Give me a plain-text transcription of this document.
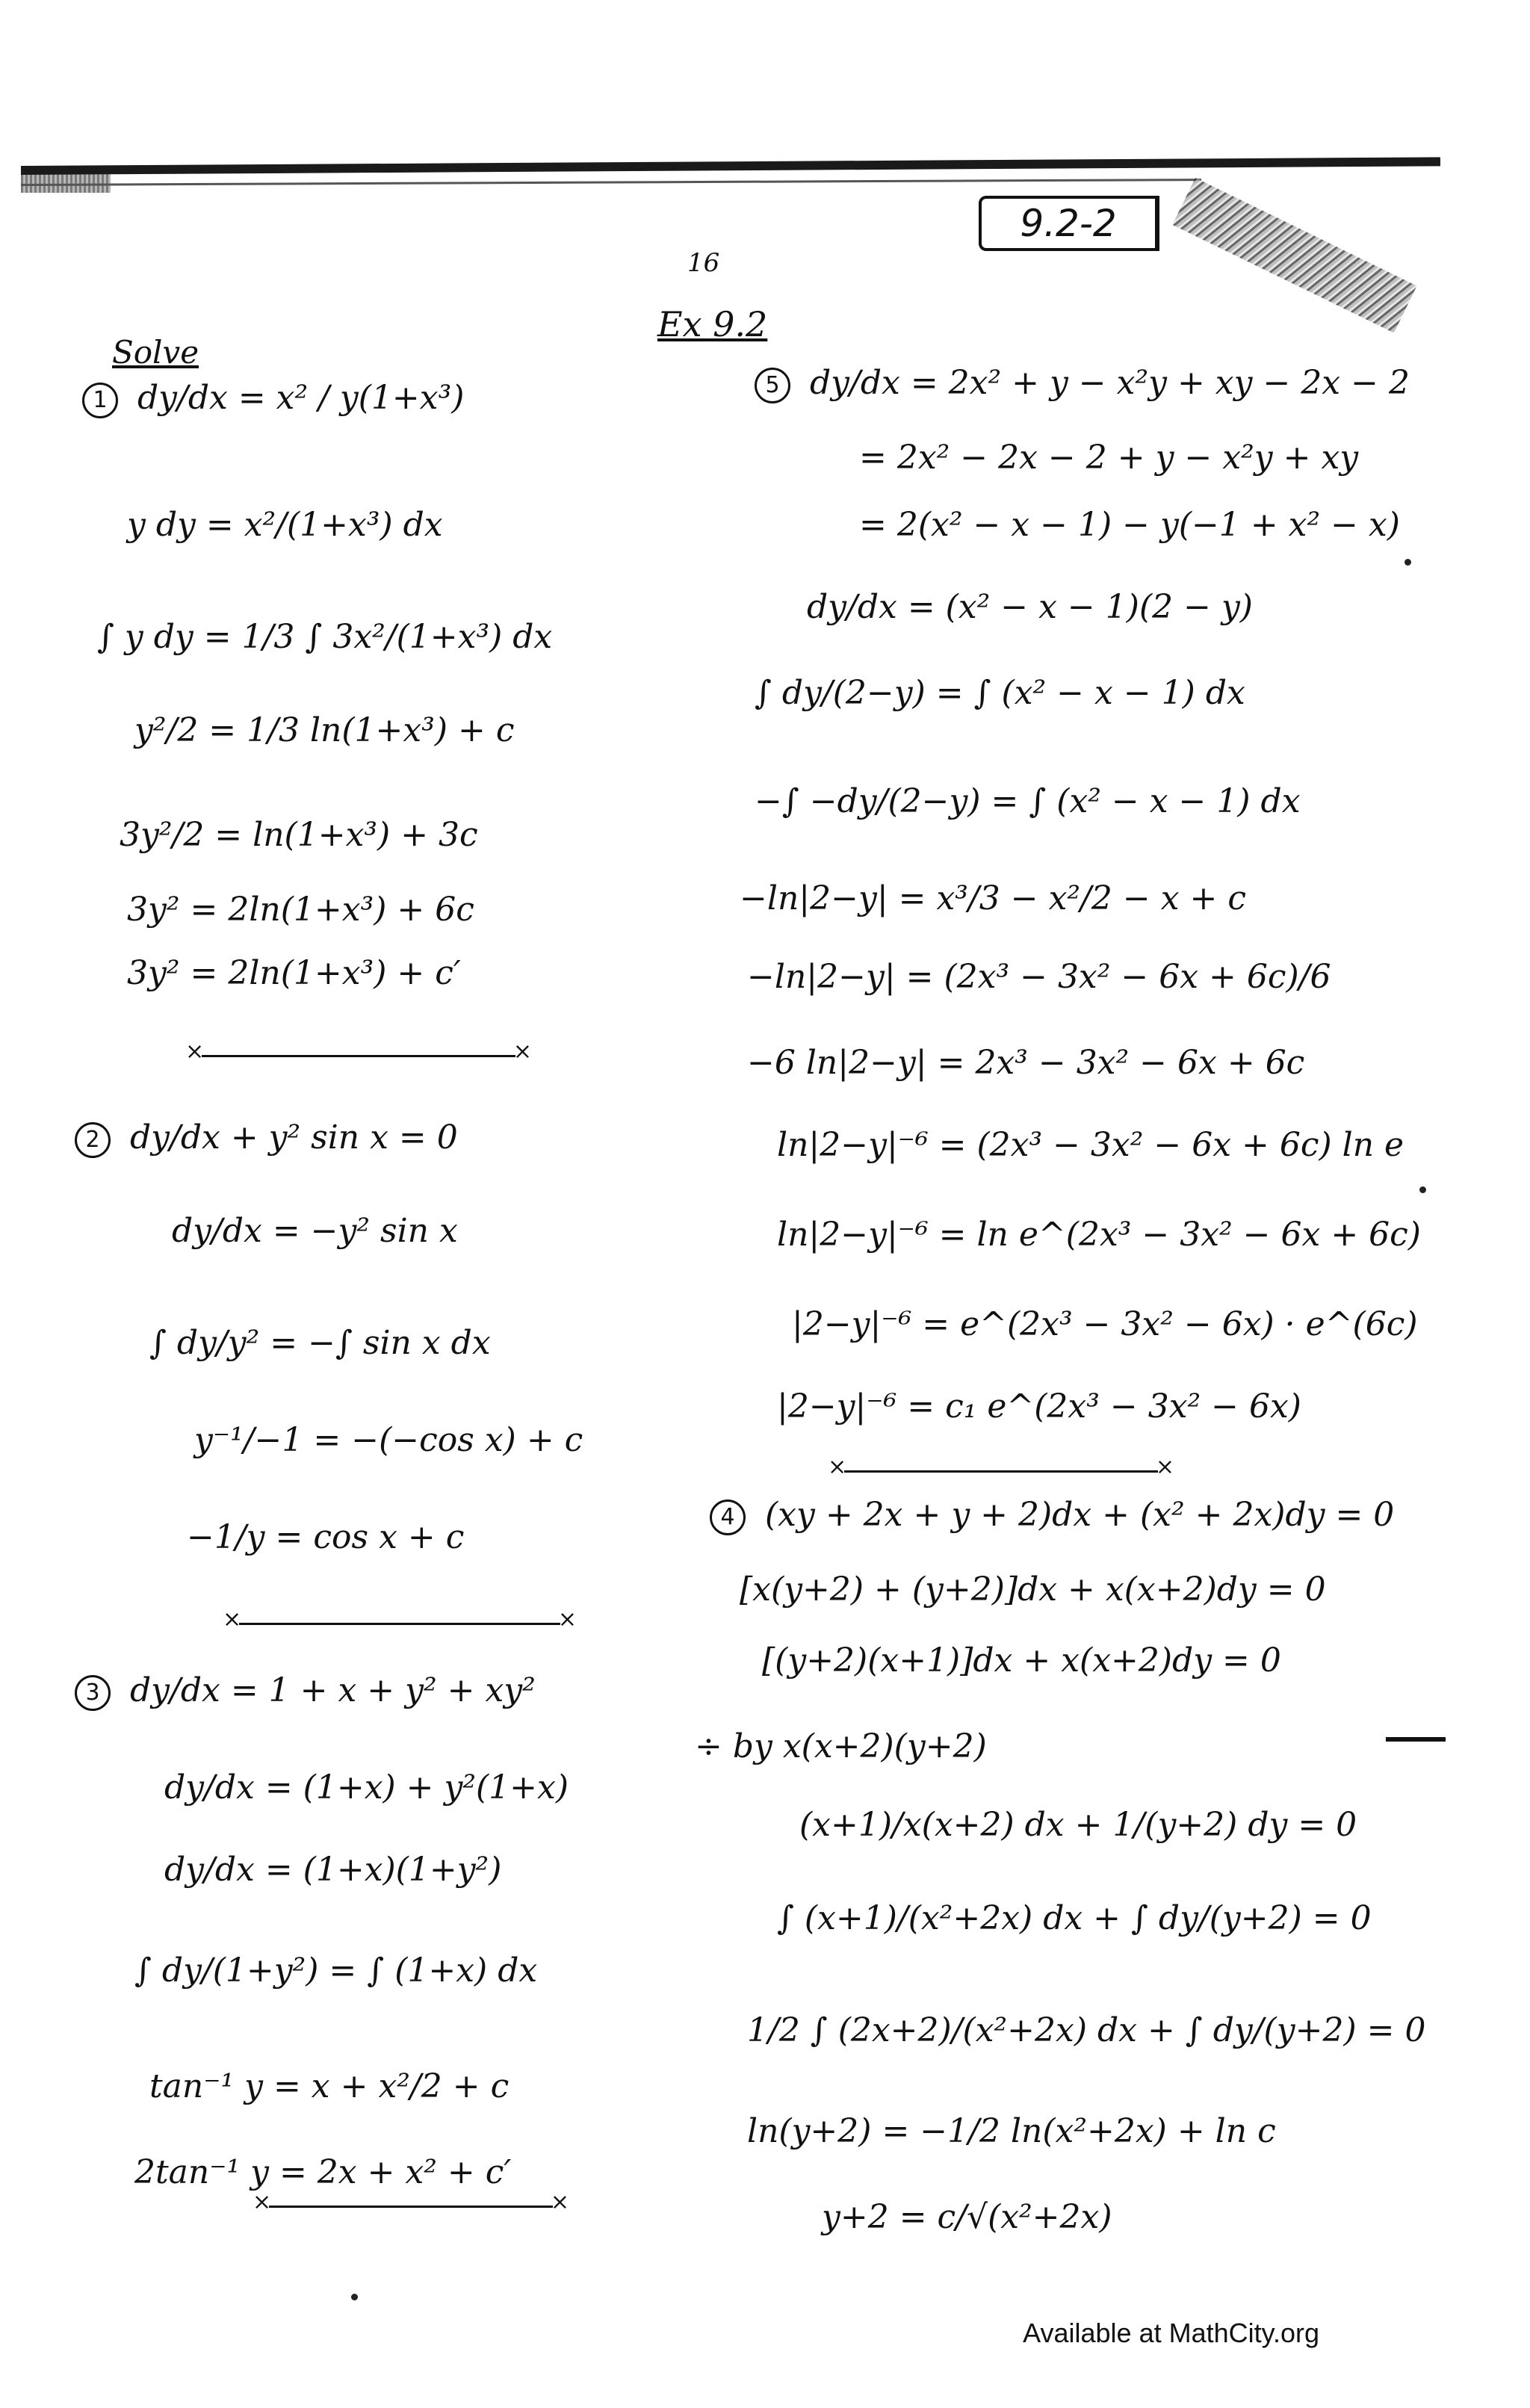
9.2-2
16
Ex 9.2
Solve
1 dy/dx = x² / y(1+x³)
y dy = x²/(1+x³) dx
∫ y dy = 1/3 ∫ 3x²/(1+x³) dx
y²/2 = 1/3 ln(1+x³) + c
3y²/2 = ln(1+x³) + 3c
3y² = 2ln(1+x³) + 6c
3y² = 2ln(1+x³) + c′
× ×
2 dy/dx + y² sin x = 0
dy/dx = −y² sin x
∫ dy/y² = −∫ sin x dx
y⁻¹/−1 = −(−cos x) + c
−1/y = cos x + c
× ×
3 dy/dx = 1 + x + y² + xy²
dy/dx = (1+x) + y²(1+x)
dy/dx = (1+x)(1+y²)
∫ dy/(1+y²) = ∫ (1+x) dx
tan⁻¹ y = x + x²/2 + c
2tan⁻¹ y = 2x + x² + c′
× ×
5 dy/dx = 2x² + y − x²y + xy − 2x − 2
= 2x² − 2x − 2 + y − x²y + xy
= 2(x² − x − 1) − y(−1 + x² − x)
dy/dx = (x² − x − 1)(2 − y)
∫ dy/(2−y) = ∫ (x² − x − 1) dx
−∫ −dy/(2−y) = ∫ (x² − x − 1) dx
−ln|2−y| = x³/3 − x²/2 − x + c
−ln|2−y| = (2x³ − 3x² − 6x + 6c)/6
−6 ln|2−y| = 2x³ − 3x² − 6x + 6c
ln|2−y|⁻⁶ = (2x³ − 3x² − 6x + 6c) ln e
ln|2−y|⁻⁶ = ln e^(2x³ − 3x² − 6x + 6c)
|2−y|⁻⁶ = e^(2x³ − 3x² − 6x) · e^(6c)
|2−y|⁻⁶ = c₁ e^(2x³ − 3x² − 6x)
× ×
4 (xy + 2x + y + 2)dx + (x² + 2x)dy = 0
[x(y+2) + (y+2)]dx + x(x+2)dy = 0
[(y+2)(x+1)]dx + x(x+2)dy = 0
÷ by x(x+2)(y+2)
(x+1)/x(x+2) dx + 1/(y+2) dy = 0
∫ (x+1)/(x²+2x) dx + ∫ dy/(y+2) = 0
1/2 ∫ (2x+2)/(x²+2x) dx + ∫ dy/(y+2) = 0
ln(y+2) = −1/2 ln(x²+2x) + ln c
y+2 = c/√(x²+2x)
Available at MathCity.org
